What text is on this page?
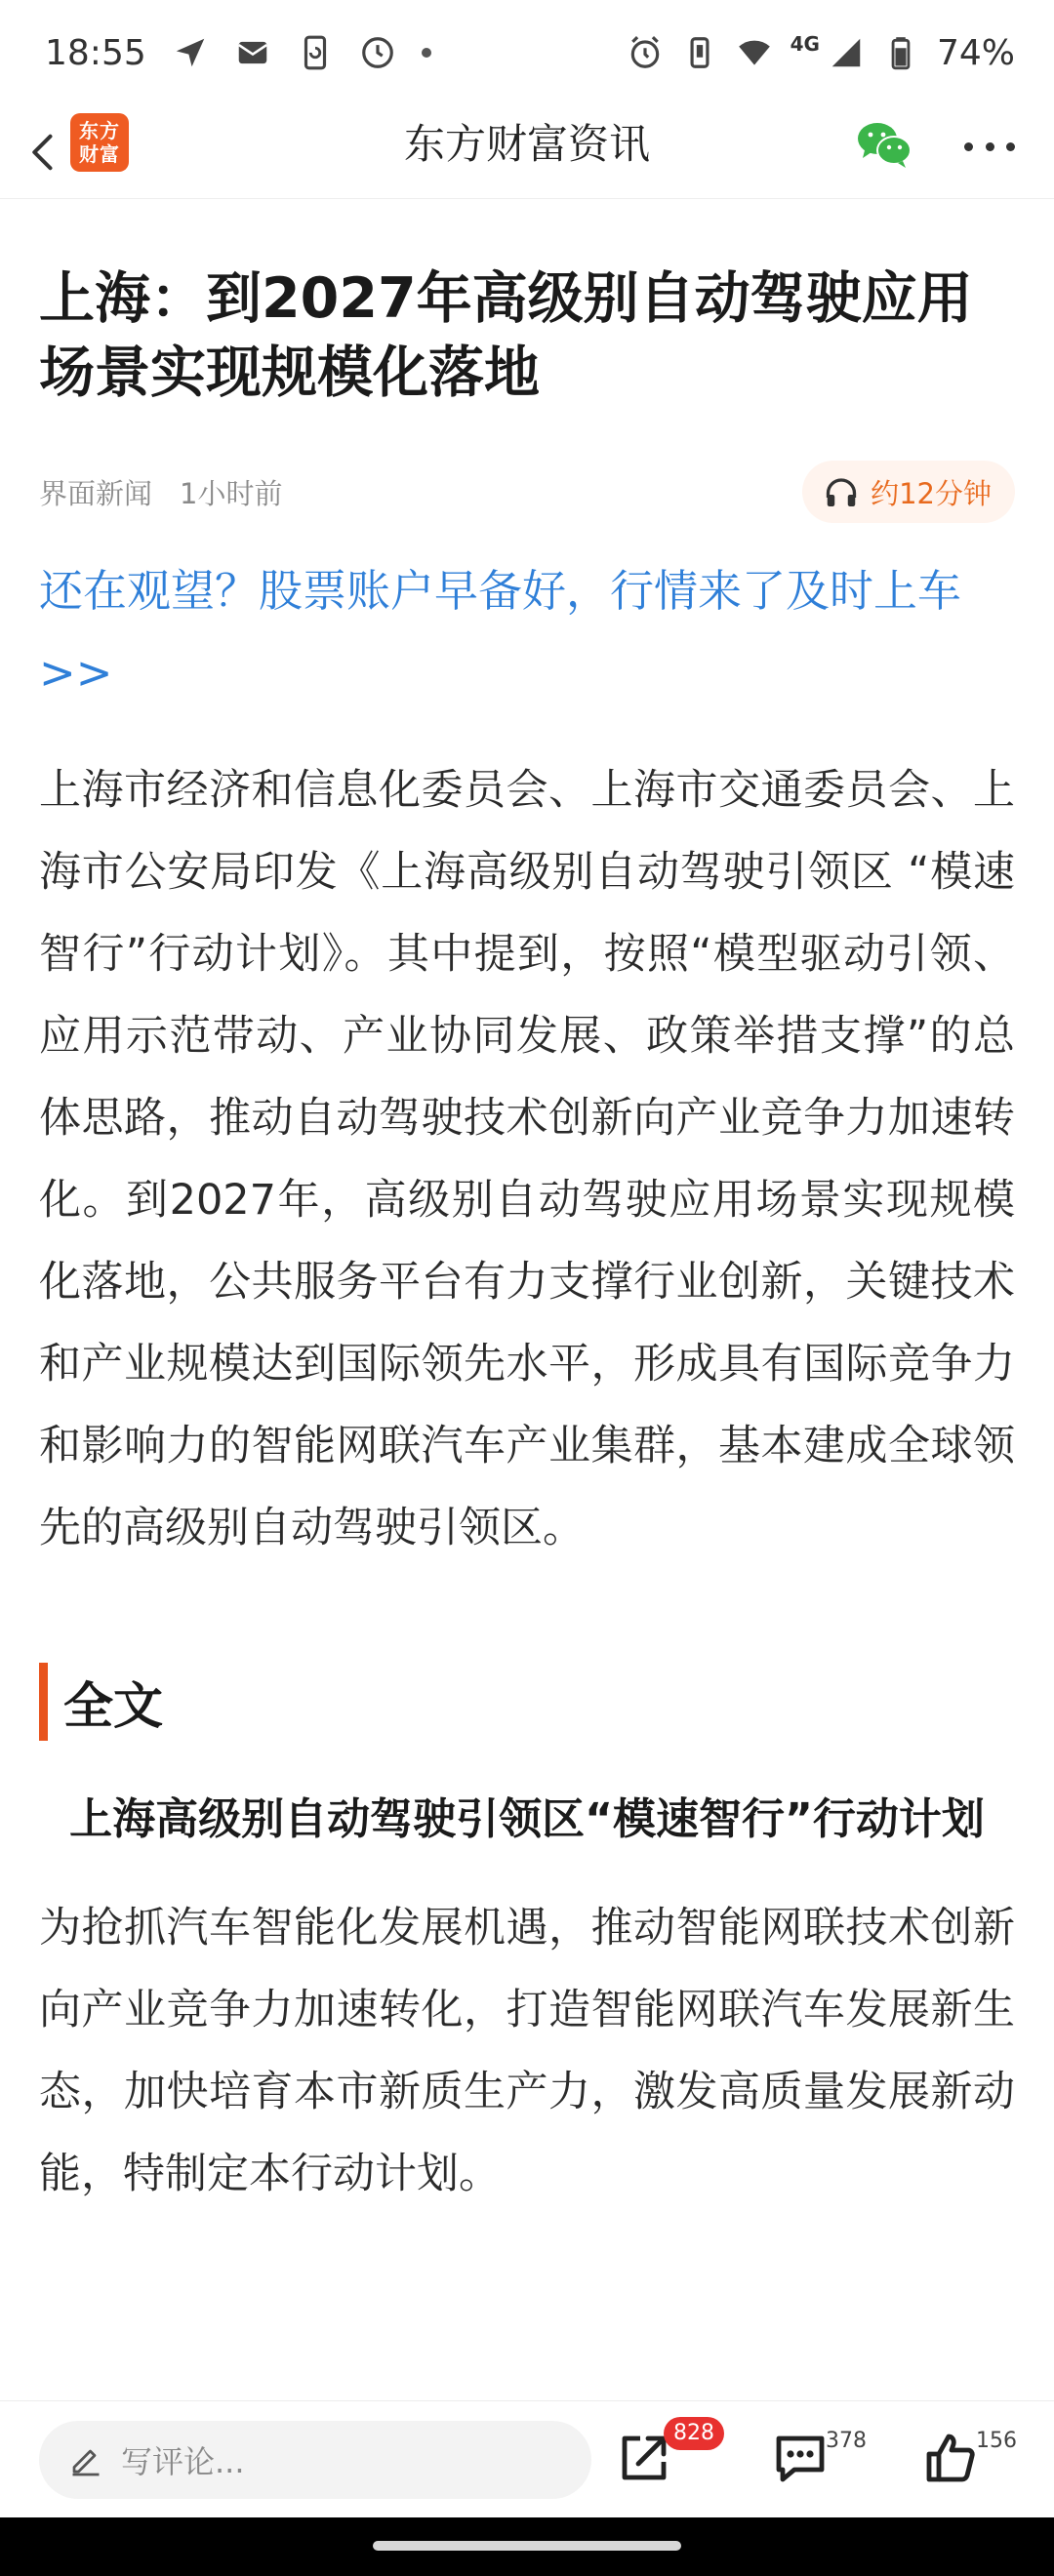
18:55	4G	74%
东方
财富	东方财富资讯
上海：到2027年高级别自动驾驶应用场景实现规模化落地
界面新闻 1小时前	约12分钟
还在观望？股票账户早备好，行情来了及时上车>>

上海市经济和信息化委员会、上海市交通委员会、上海市公安局印发《上海高级别自动驾驶引领区 “模速智行”行动计划》。其中提到，按照“模型驱动引领、应用示范带动、产业协同发展、政策举措支撑”的总体思路，推动自动驾驶技术创新向产业竞争力加速转化。到2027年，高级别自动驾驶应用场景实现规模化落地，公共服务平台有力支撑行业创新，关键技术和产业规模达到国际领先水平，形成具有国际竞争力和影响力的智能网联汽车产业集群，基本建成全球领先的高级别自动驾驶引领区。

全文
上海高级别自动驾驶引领区“模速智行”行动计划

为抢抓汽车智能化发展机遇，推动智能网联技术创新向产业竞争力加速转化，打造智能网联汽车发展新生态，加快培育本市新质生产力，激发高质量发展新动能，特制定本行动计划。

写评论...
828	378	156
